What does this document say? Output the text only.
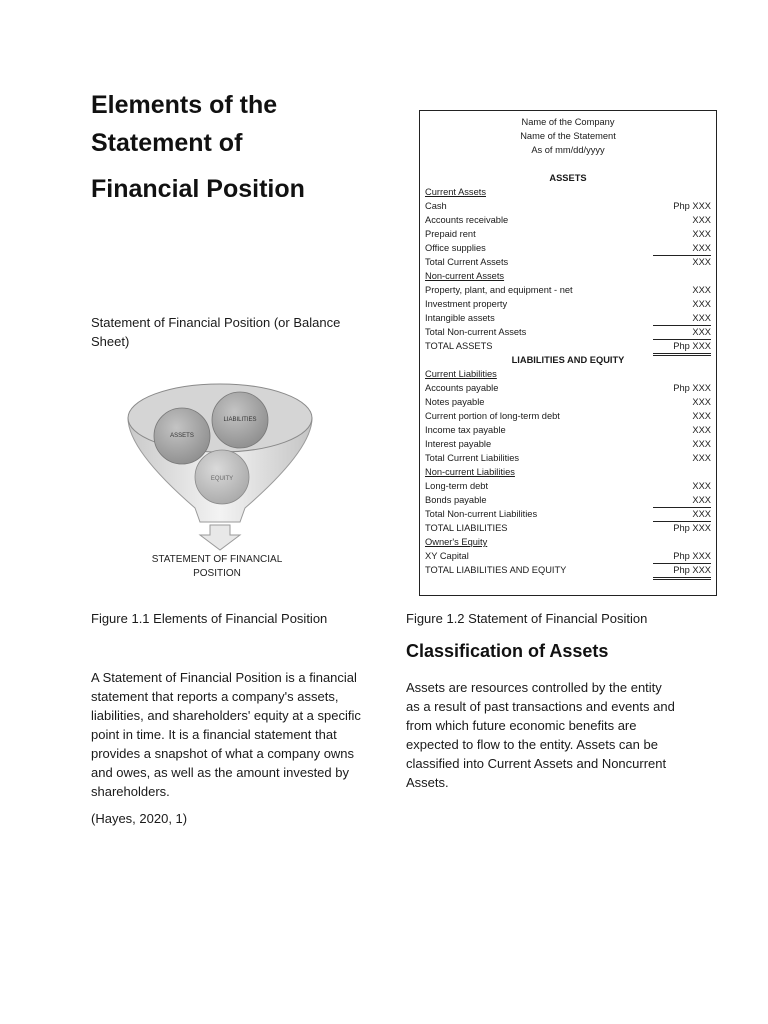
Elements of the
Statement of
Financial Position
Statement of Financial Position (or Balance Sheet)
ASSETS
LIABILITIES
EQUITY
STATEMENT OF FINANCIAL
POSITION
Figure 1.1 Elements of Financial Position
A Statement of Financial Position is a financial statement that reports a company's assets, liabilities, and shareholders' equity at a specific point in time. It is a financial statement that provides a snapshot of what a company owns and owes, as well as the amount invested by shareholders.
(Hayes, 2020, 1)
Name of the Company
Name of the Statement
As of mm/dd/yyyy
ASSETS
Current Assets
Cash	Php XXX
Accounts receivable	XXX
Prepaid rent	XXX
Office supplies	XXX
Total Current Assets	XXX
Non-current Assets
Property, plant, and equipment - net	XXX
Investment property	XXX
Intangible assets	XXX
Total Non-current Assets	XXX
TOTAL ASSETS	Php XXX
LIABILITIES AND EQUITY
Current Liabilities
Accounts payable	Php XXX
Notes payable	XXX
Current portion of long-term debt	XXX
Income tax payable	XXX
Interest payable	XXX
Total Current Liabilities	XXX
Non-current Liabilities
Long-term debt	XXX
Bonds payable	XXX
Total Non-current Liabilities	XXX
TOTAL LIABILITIES	Php XXX
Owner's Equity
XY Capital	Php XXX
TOTAL LIABILITIES AND EQUITY	Php XXX
Figure 1.2 Statement of Financial Position
Classification of Assets
Assets are resources controlled by the entity as a result of past transactions and events and from which future economic benefits are expected to flow to the entity. Assets can be classified into Current Assets and Noncurrent Assets.
